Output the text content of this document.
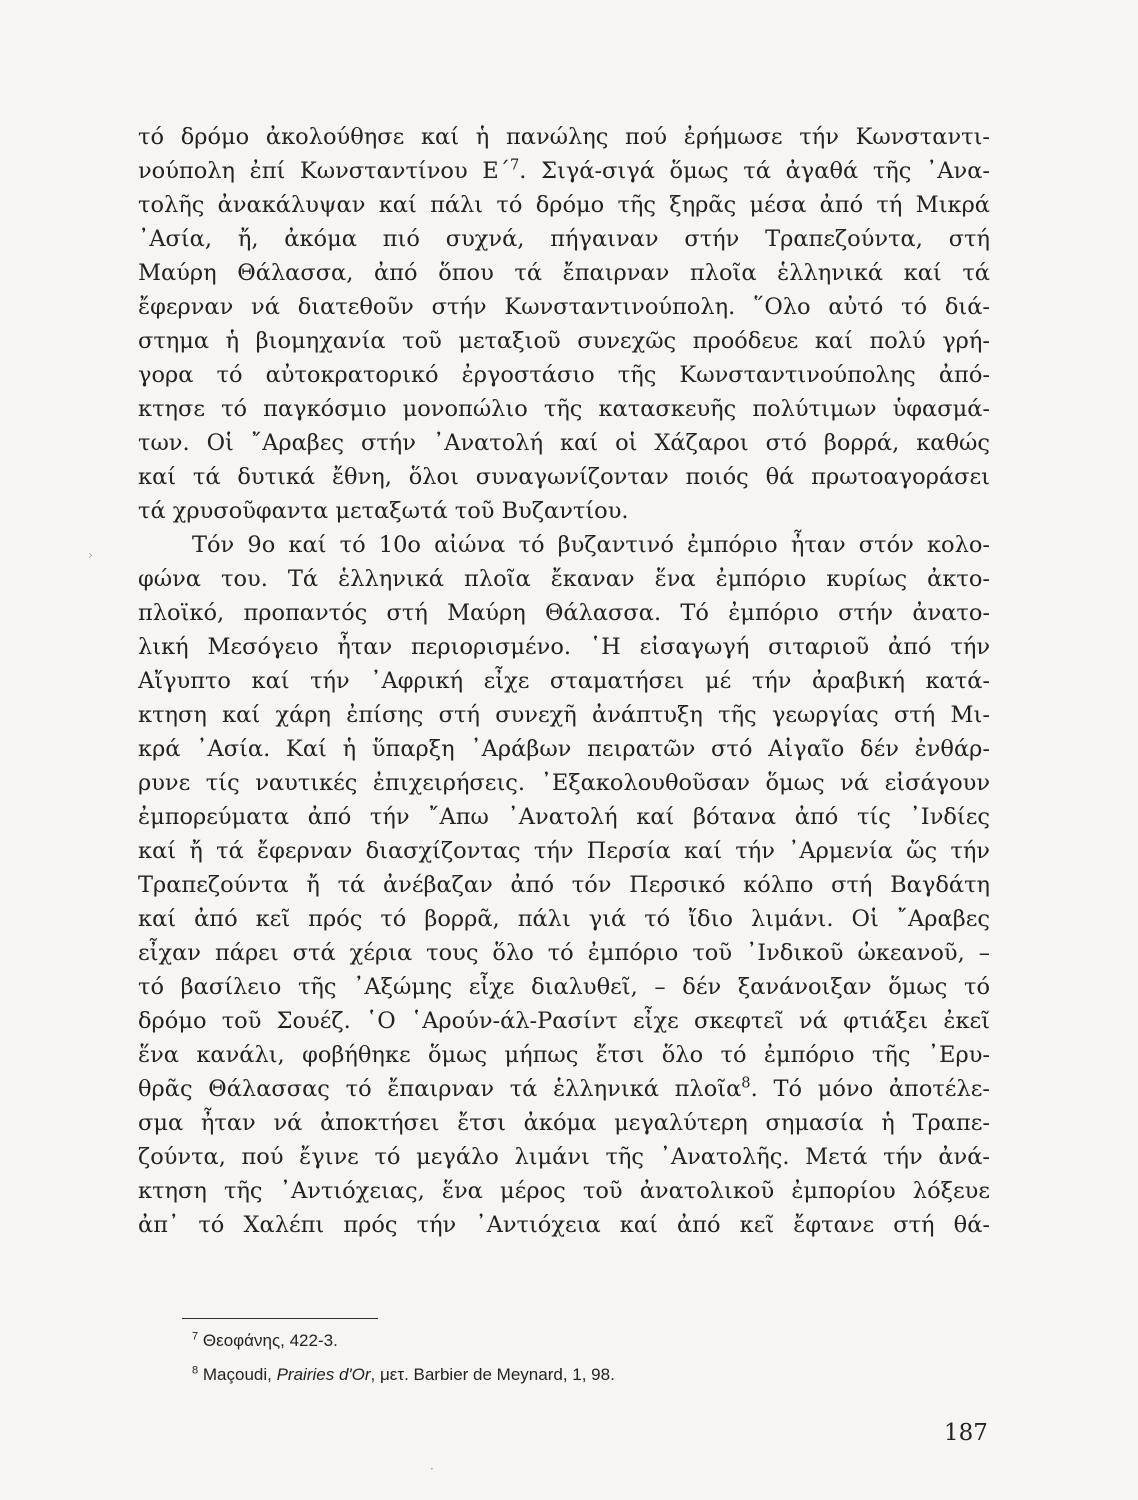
τό δρόμο ἀκολούθησε καί ἡ πανώλης πού ἐρήμωσε τήν Κωνσταντι-
νούπολη ἐπί Κωνσταντίνου Ε΄$^7$. Σιγά-σιγά ὅμως τά ἀγαθά τῆς ᾿Ανα-
τολῆς ἀνακάλυψαν καί πάλι τό δρόμο τῆς ξηρᾶς μέσα ἀπό τή Μικρά
᾿Ασία, ἤ, ἀκόμα πιό συχνά, πήγαιναν στήν Τραπεζούντα, στή
Μαύρη Θάλασσα, ἀπό ὅπου τά ἔπαιρναν πλοῖα ἑλληνικά καί τά
ἔφερναν νά διατεθοῦν στήν Κωνσταντινούπολη. ῞Ολο αὐτό τό διά-
στημα ἡ βιομηχανία τοῦ μεταξιοῦ συνεχῶς προόδευε καί πολύ γρή-
γορα τό αὐτοκρατορικό ἐργοστάσιο τῆς Κωνσταντινούπολης ἀπό-
κτησε τό παγκόσμιο μονοπώλιο τῆς κατασκευῆς πολύτιμων ὑφασμά-
των. Οἱ ῎Αραβες στήν ᾿Ανατολή καί οἱ Χάζαροι στό βορρά, καθώς
καί τά δυτικά ἔθνη, ὅλοι συναγωνίζονταν ποιός θά πρωτοαγοράσει
τά χρυσοῦφαντα μεταξωτά τοῦ Βυζαντίου.
Τόν 9ο καί τό 10ο αἰώνα τό βυζαντινό ἐμπόριο ἦταν στόν κολο-
φώνα του. Τά ἑλληνικά πλοῖα ἔκαναν ἕνα ἐμπόριο κυρίως ἀκτο-
πλοϊκό, προπαντός στή Μαύρη Θάλασσα. Τό ἐμπόριο στήν ἀνατο-
λική Μεσόγειο ἦταν περιορισμένο. ῾Η εἰσαγωγή σιταριοῦ ἀπό τήν
Αἴγυπτο καί τήν ᾿Αφρική εἶχε σταματήσει μέ τήν ἀραβική κατά-
κτηση καί χάρη ἐπίσης στή συνεχῆ ἀνάπτυξη τῆς γεωργίας στή Μι-
κρά ᾿Ασία. Καί ἡ ὕπαρξη ᾿Αράβων πειρατῶν στό Αἰγαῖο δέν ἐνθάρ-
ρυνε τίς ναυτικές ἐπιχειρήσεις. ᾿Εξακολουθοῦσαν ὅμως νά εἰσάγουν
ἐμπορεύματα ἀπό τήν ῎Απω ᾿Ανατολή καί βότανα ἀπό τίς ᾿Ινδίες
καί ἤ τά ἔφερναν διασχίζοντας τήν Περσία καί τήν ᾿Αρμενία ὥς τήν
Τραπεζούντα ἤ τά ἀνέβαζαν ἀπό τόν Περσικό κόλπο στή Βαγδάτη
καί ἀπό κεῖ πρός τό βορρᾶ, πάλι γιά τό ἴδιο λιμάνι. Οἱ ῎Αραβες
εἶχαν πάρει στά χέρια τους ὅλο τό ἐμπόριο τοῦ ᾿Ινδικοῦ ὠκεανοῦ, –
τό βασίλειο τῆς ᾿Αξώμης εἶχε διαλυθεῖ, – δέν ξανάνοιξαν ὅμως τό
δρόμο τοῦ Σουέζ. ῾Ο ῾Αρούν-άλ-Ρασίντ εἶχε σκεφτεῖ νά φτιάξει ἐκεῖ
ἕνα κανάλι, φοβήθηκε ὅμως μήπως ἔτσι ὅλο τό ἐμπόριο τῆς ᾿Ερυ-
θρᾶς Θάλασσας τό ἔπαιρναν τά ἑλληνικά πλοῖα$^8$. Τό μόνο ἀποτέλε-
σμα ἦταν νά ἀποκτήσει ἔτσι ἀκόμα μεγαλύτερη σημασία ἡ Τραπε-
ζούντα, πού ἔγινε τό μεγάλο λιμάνι τῆς ᾿Ανατολῆς. Μετά τήν ἀνά-
κτηση τῆς ᾿Αντιόχειας, ἕνα μέρος τοῦ ἀνατολικοῦ ἐμπορίου λόξευε
ἀπ᾿ τό Χαλέπι πρός τήν ᾿Αντιόχεια καί ἀπό κεῖ ἔφτανε στή θά-
$^7$ Θεοφάνης, 422-3.
$^8$ Maçoudi, Prairies d'Or, μετ. Barbier de Meynard, 1, 98.
187
›
·
